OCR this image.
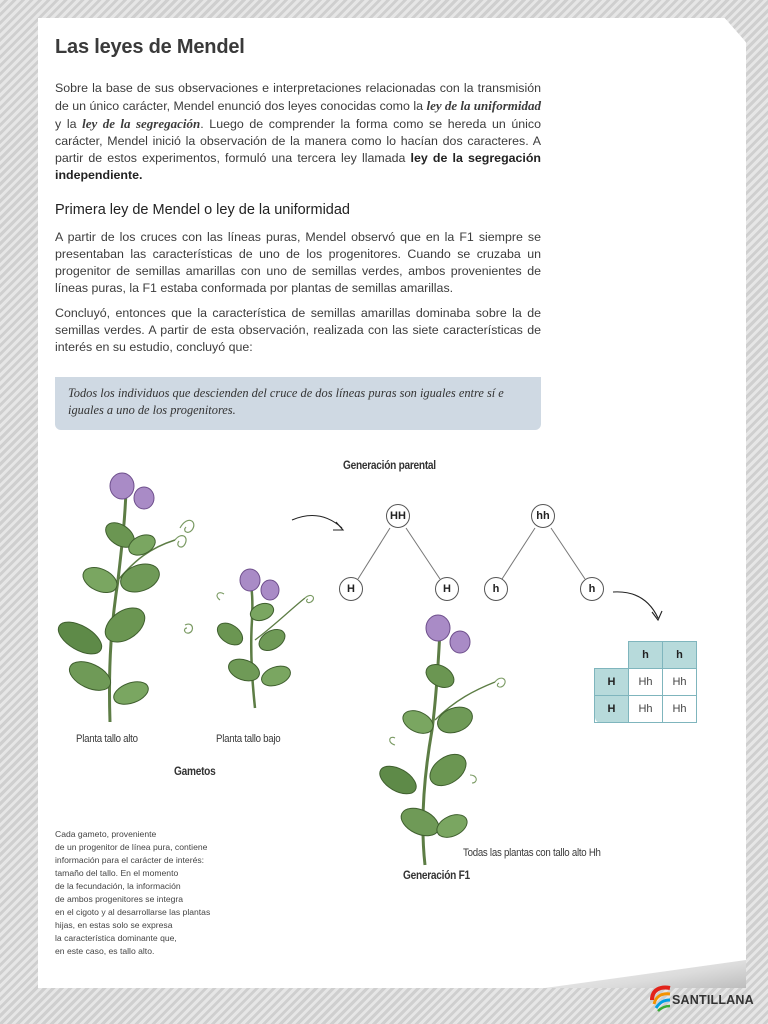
Las leyes de Mendel

Sobre la base de sus observaciones e interpretaciones relacionadas con la transmisión de un único carácter, Mendel enunció dos leyes conocidas como la ley de la uniformidad y la ley de la segregación. Luego de comprender la forma como se hereda un único carácter, Mendel inició la observación de la manera como lo hacían dos caracteres. A partir de estos experimentos, formuló una tercera ley llamada ley de la segregación independiente.

Primera ley de Mendel o ley de la uniformidad

A partir de los cruces con las líneas puras, Mendel observó que en la F1 siempre se presentaban las características de uno de los progenitores. Cuando se cruzaba un progenitor de semillas amarillas con uno de semillas verdes, ambos provenientes de líneas puras, la F1 estaba conformada por plantas de semillas amarillas.

Concluyó, entonces que la característica de semillas amarillas dominaba sobre la de semillas verdes. A partir de esta observación, realizada con las siete características de interés en su estudio, concluyó que:

Todos los individuos que descienden del cruce de dos líneas puras son iguales entre sí e iguales a uno de los progenitores.
Generación parental
HH	hh
H	H	h	h
Planta tallo alto	Planta tallo bajo
Gametos

Cada gameto, proveniente
de un progenitor de línea pura, contiene
información para el carácter de interés:
tamaño del tallo. En el momento
de la fecundación, la información
de ambos progenitores se integra
en el cigoto y al desarrollarse las plantas
hijas, en estas solo se expresa
la característica dominante que,
en este caso, es tallo alto.

Todas las plantas con tallo alto Hh
Generación F1
	h	h
H	Hh	Hh
H	Hh	Hh
SANTILLANA
